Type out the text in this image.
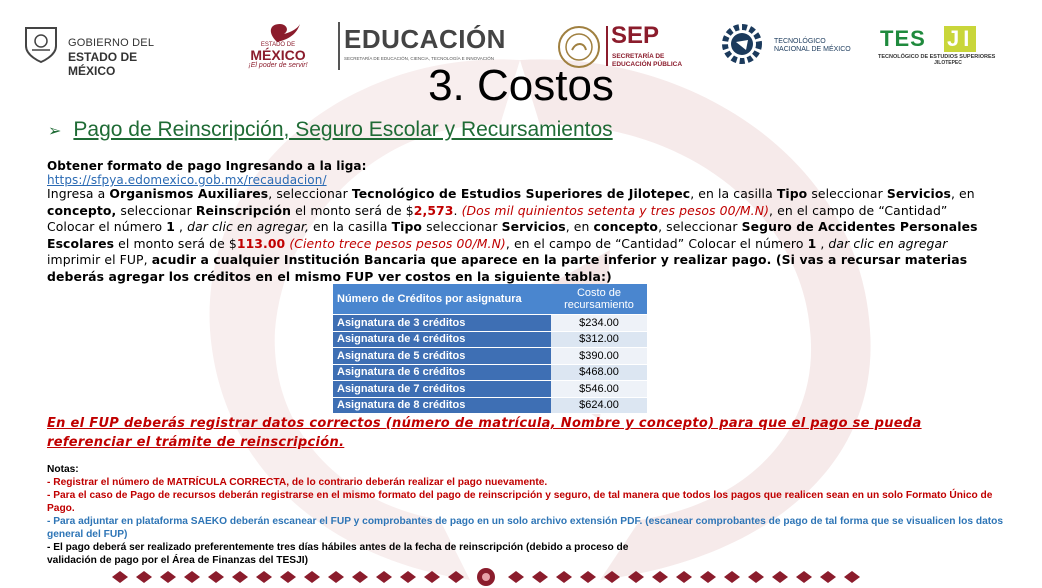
GOBIERNO DEL
ESTADO DE MÉXICO
ESTADO DE
MÉXICO
¡El poder de servir!
EDUCACIÓN
SECRETARÍA DE EDUCACIÓN, CIENCIA, TECNOLOGÍA E INNOVACIÓN
SEP
SECRETARÍA DE
EDUCACIÓN PÚBLICA
TECNOLÓGICO
NACIONAL DE MÉXICO TES JI
TECNOLÓGICO DE ESTUDIOS SUPERIORES
JILOTEPEC
3. Costos
➢ Pago de Reinscripción, Seguro Escolar y Recursamientos
Obtener formato de pago Ingresando a la liga:
https://sfpya.edomexico.gob.mx/recaudacion/
Ingresa a Organismos Auxiliares, seleccionar Tecnológico de Estudios Superiores de Jilotepec, en la casilla Tipo seleccionar Servicios, en concepto, seleccionar Reinscripción el monto será de $2,573. (Dos mil quinientos setenta y tres pesos 00/M.N), en el campo de “Cantidad” Colocar el número 1 , dar clic en agregar, en la casilla Tipo seleccionar Servicios, en concepto, seleccionar Seguro de Accidentes Personales Escolares el monto será de $113.00 (Ciento trece pesos pesos 00/M.N), en el campo de “Cantidad” Colocar el número 1 , dar clic en agregar imprimir el FUP, acudir a cualquier Institución Bancaria que aparece en la parte inferior y realizar pago. (Si vas a recursar materias deberás agregar los créditos en el mismo FUP ver costos en la siguiente tabla:)
Número de Créditos por asignatura	Costo de recursamiento
Asignatura de 3 créditos	$234.00
Asignatura de 4 créditos	$312.00
Asignatura de 5 créditos	$390.00
Asignatura de 6 créditos	$468.00
Asignatura de 7 créditos	$546.00
Asignatura de 8 créditos	$624.00
En el FUP deberás registrar datos correctos (número de matrícula, Nombre y concepto) para que el pago se pueda referenciar el trámite de reinscripción.
Notas:
- Registrar el número de MATRÍCULA CORRECTA, de lo contrario deberán realizar el pago nuevamente.
- Para el caso de Pago de recursos deberán registrarse en el mismo formato del pago de reinscripción y seguro, de tal manera que todos los pagos que realicen sean en un solo Formato Único de Pago.
- Para adjuntar en plataforma SAEKO deberán escanear el FUP y comprobantes de pago en un solo archivo extensión PDF. (escanear comprobantes de pago de tal forma que se visualicen los datos general del FUP)
- El pago deberá ser realizado preferentemente tres días hábiles antes de la fecha de reinscripción (debido a proceso de
validación de pago por el Área de Finanzas del TESJI)
